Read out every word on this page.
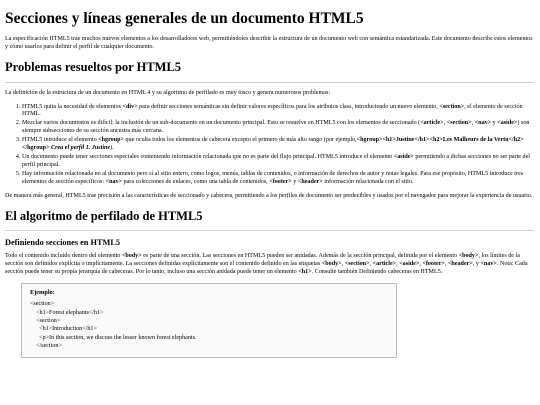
Secciones y líneas generales de un documento HTML5

La especificación HTML5 trae muchos nuevos elementos a los desarrolladores web, permitiéndoles describir la estructura de un documento web con semántica estandarizada. Este documento describe estos elementos y cómo usarlos para definir el perfil de cualquier documento.

Problemas resueltos por HTML5

La definición de la estructura de un documento en HTML 4 y su algoritmo de perfilado es muy tosco y genera numerosos problemas:

1. HTML5 quita la necesidad de elementos <div> para definir secciones semánticas sin definir valores específicos para los atributos class, introduciendo un nuevo elemento, <section>, el elemento de sección HTML.
2. Mezclar varios documentos es difícil: la inclusión de un sub-documento en un documento principal. Esto se resuelve en HTML5 con los elementos de seccionado (<article>, <section>, <nav> y <aside>) son siempre subsecciones de su sección ancestra más cercana.
3. HTML5 introduce el elemento <hgroup> que oculta todos los elementos de cabecera excepto el primero de más alto rango (por ejemplo,<hgroup><h1>Justine</h1><h2>Les Malheurs de la Vertu</h2></hgroup> Crea el perfil 1. Justine).
4. Un documento puede tener secciones especiales conteniendo información relacionada que no es parte del flujo principal. HTML5 introduce el elemento <aside> permitiendo a dichas secciones no ser parte del perfil principal.
5. Hay información relacionada no al documento pero sí al sitio entero, como logos, menús, tablas de contenidos, o información de derechos de autor y notas legales. Para ese propósito, HTML5 introduce tres elementos de sección específicos: <nav> para colecciones de enlaces, como una tabla de contenidos, <footer> y <header> información relacionada con el sitio.

De manera más general, HTML5 trae precisión a las características de seccionado y cabecera, permitiendo a los perfiles de documento ser predecibles y usados por el navegador para mejorar la experiencia de usuario.

El algoritmo de perfilado de HTML5
Definiendo secciones en HTML5

Todo el contenido incluido dentro del elemento <body> es parte de una sección. Las secciones en HTML5 pueden ser anidadas. Además de la sección principal, definida por el elemento <body>, los límites de la sección son definidos explícita o implícitamente. La secciones definidas explícitamente son el contenido definido en las etiquetas <body>, <section>, <article>, <aside>, <footer>, <header>, y <nav>. Nota: Cada sección puede tener su propia jerarquía de cabeceras. Por lo tanto, incluso una sección anidada puede tener un elemento <h1>. Consulte también Definiendo cabeceras en HTML5.

Ejemplo:
<section>
<h1>Forest elephants</h1>
<section>
<h1>Introduction</h1>
<p>In this section, we discuss the lesser known forest elephants.
</section>
